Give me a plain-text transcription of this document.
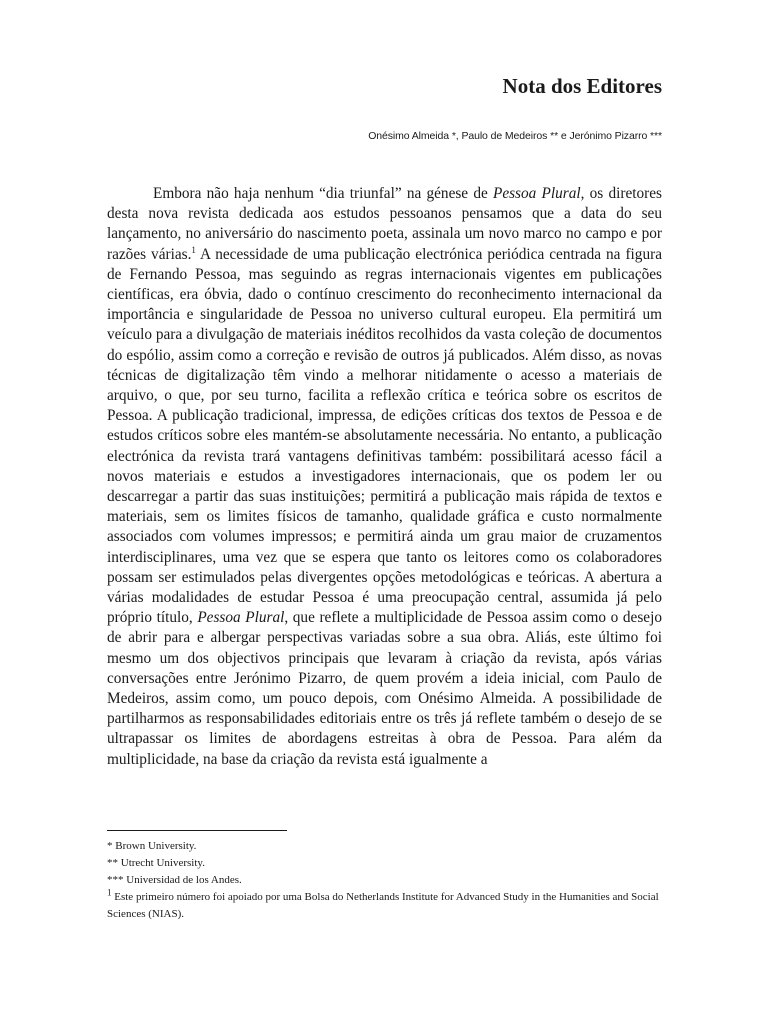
Nota dos Editores

Onésimo Almeida *, Paulo de Medeiros ** e Jerónimo Pizarro ***

Embora não haja nenhum “dia triunfal” na génese de Pessoa Plural, os diretores desta nova revista dedicada aos estudos pessoanos pensamos que a data do seu lançamento, no aniversário do nascimento poeta, assinala um novo marco no campo e por razões várias.$^1$ A necessidade de uma publicação electrónica periódica centrada na figura de Fernando Pessoa, mas seguindo as regras internacionais vigentes em publicações científicas, era óbvia, dado o contínuo crescimento do reconhecimento internacional da importância e singularidade de Pessoa no universo cultural europeu. Ela permitirá um veículo para a divulgação de materiais inéditos recolhidos da vasta coleção de documentos do espólio, assim como a correção e revisão de outros já publicados. Além disso, as novas técnicas de digitalização têm vindo a melhorar nitidamente o acesso a materiais de arquivo, o que, por seu turno, facilita a reflexão crítica e teórica sobre os escritos de Pessoa. A publicação tradicional, impressa, de edições críticas dos textos de Pessoa e de estudos críticos sobre eles mantém-se absolutamente necessária. No entanto, a publicação electrónica da revista trará vantagens definitivas também: possibilitará acesso fácil a novos materiais e estudos a investigadores internacionais, que os podem ler ou descarregar a partir das suas instituições; permitirá a publicação mais rápida de textos e materiais, sem os limites físicos de tamanho, qualidade gráfica e custo normalmente associados com volumes impressos; e permitirá ainda um grau maior de cruzamentos interdisciplinares, uma vez que se espera que tanto os leitores como os colaboradores possam ser estimulados pelas divergentes opções metodológicas e teóricas. A abertura a várias modalidades de estudar Pessoa é uma preocupação central, assumida já pelo próprio título, Pessoa Plural, que reflete a multiplicidade de Pessoa assim como o desejo de abrir para e albergar perspectivas variadas sobre a sua obra. Aliás, este último foi mesmo um dos objectivos principais que levaram à criação da revista, após várias conversações entre Jerónimo Pizarro, de quem provém a ideia inicial, com Paulo de Medeiros, assim como, um pouco depois, com Onésimo Almeida. A possibilidade de partilharmos as responsabilidades editoriais entre os três já reflete também o desejo de se ultrapassar os limites de abordagens estreitas à obra de Pessoa. Para além da multiplicidade, na base da criação da revista está igualmente a

* Brown University.

** Utrecht University.

*** Universidad de los Andes.

$^1$ Este primeiro número foi apoiado por uma Bolsa do Netherlands Institute for Advanced Study in the Humanities and Social Sciences (NIAS).
